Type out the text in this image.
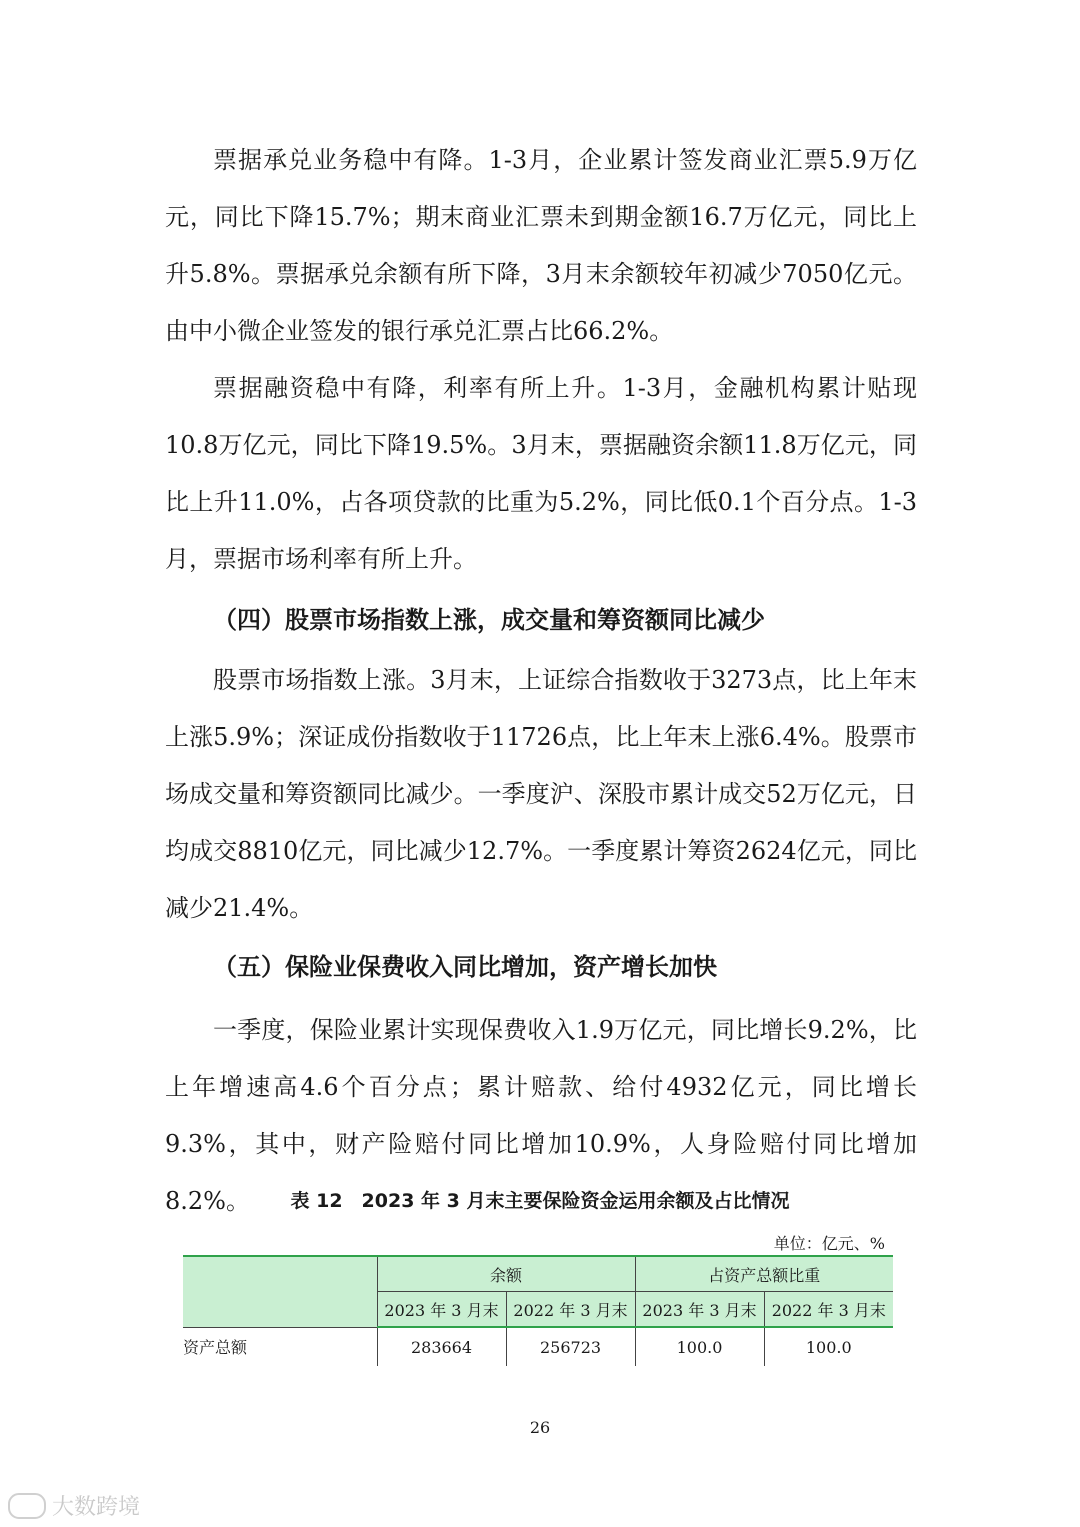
票据承兑业务稳中有降。1-3月，企业累计签发商业汇票5.9万亿元，同比下降15.7%；期末商业汇票未到期金额16.7万亿元，同比上升5.8%。票据承兑余额有所下降，3月末余额较年初减少7050亿元。由中小微企业签发的银行承兑汇票占比66.2%。

票据融资稳中有降，利率有所上升。1-3月，金融机构累计贴现10.8万亿元，同比下降19.5%。3月末，票据融资余额11.8万亿元，同比上升11.0%，占各项贷款的比重为5.2%，同比低0.1个百分点。1-3月，票据市场利率有所上升。

（四）股票市场指数上涨，成交量和筹资额同比减少

股票市场指数上涨。3月末，上证综合指数收于3273点，比上年末上涨5.9%；深证成份指数收于11726点，比上年末上涨6.4%。股票市场成交量和筹资额同比减少。一季度沪、深股市累计成交52万亿元，日均成交8810亿元，同比减少12.7%。一季度累计筹资2624亿元，同比减少21.4%。

（五）保险业保费收入同比增加，资产增长加快

一季度，保险业累计实现保费收入1.9万亿元，同比增长9.2%，比上年增速高4.6个百分点；累计赔款、给付4932亿元，同比增长9.3%，其中，财产险赔付同比增加10.9%，人身险赔付同比增加8.2%。	表 12　2023 年 3 月末主要保险资金运用余额及占比情况
单位：亿元、%
	余额		占资产总额比重	
	2023 年 3 月末	2022 年 3 月末	2023 年 3 月末	2022 年 3 月末
资产总额	283664	256723	100.0	100.0
26
大数跨境
